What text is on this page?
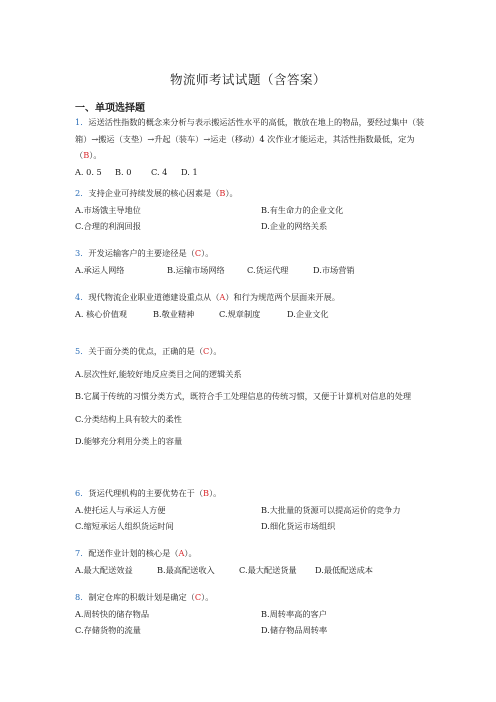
物流师考试试题（含答案）
一、单项选择题
1．运送活性指数的概念来分析与表示搬运活性水平的高低，散放在地上的物品，要经过集中（装箱）→搬运（支垫）→升起（装车）→运走（移动）4 次作业才能运走，其活性指数最低，定为（B）。
A. 0. 5 B. 0 C. 4 D. 1
2．支持企业可持续发展的核心因素是（B）。
A.市场饿主导地位	B.有生命力的企业文化
C.合理的利润回报	D.企业的网络关系
3．开发运输客户的主要途径是（C）。
A.承运人网络	B.运输市场网络	C.货运代理	D.市场营销
4．现代物流企业职业道德建设重点从（A）和行为规范两个层面来开展。
A. 核心价值观	B.敬业精神	C.规章制度	D.企业文化
5．关于面分类的优点，正确的是（C）。
A.层次性好,能较好地反应类目之间的逻辑关系
B.它属于传统的习惯分类方式，既符合手工处理信息的传统习惯，又便于计算机对信息的处理
C.分类结构上具有较大的柔性
D.能够充分利用分类上的容量
6．货运代理机构的主要优势在于（B）。
A.使托运人与承运人方便	B.大批量的货源可以提高运价的竞争力
C.缩短承运人组织货运时间	D.细化货运市场组织
7．配送作业计划的核心是（A）。
A.最大配送效益	B.最高配送收入	C.最大配送货量 D.最低配送成本
8．制定仓库的积载计划是确定（C）。
A.周转快的储存物品	B.周转率高的客户
C.存储货物的流量	D.储存物品周转率
